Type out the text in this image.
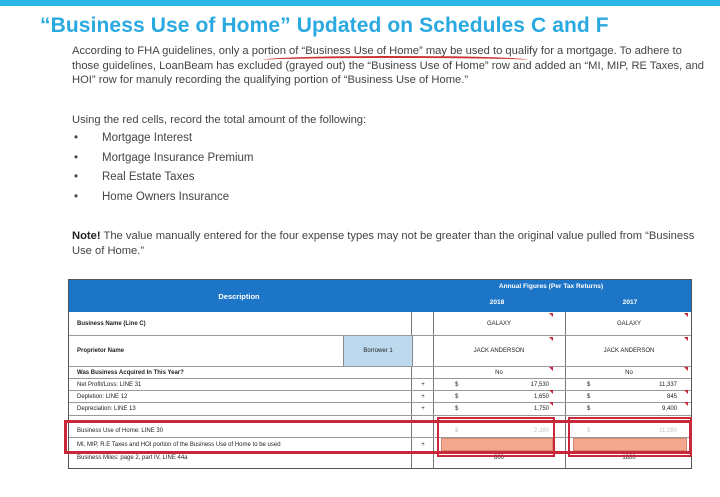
“Business Use of Home” Updated on Schedules C and F
According to FHA guidelines, only a portion of “Business Use of Home” may be used to qualify for a mortgage. To adhere to those guidelines, LoanBeam has excluded (grayed out) the “Business Use of Home” row and added an “MI, MIP, RE Taxes, and HOI” row for manuly recording the qualifying portion of “Business Use of Home.”
Using the red cells, record the total amount of the following:
• Mortgage Interest
• Mortgage Insurance Premium
• Real Estate Taxes
• Home Owners Insurance
Note! The value manually entered for the four expense types may not be greater than the original value pulled from “Business Use of Home.”
Description
Annual Figures (Per Tax Returns)
2018	2017
Business Name (Line C)	GALAXY	GALAXY
Proprietor Name	Borrower 1	JACK ANDERSON	JACK ANDERSON
Was Business Acquired In This Year?	No	No
Net Profit/Loss: LINE 31	+	$	17,530	$	11,337
Depletion: LINE 12	+	$	1,650	$	845
Depreciation: LINE 13	+	$	1,750	$	9,400
Business Use of Home: LINE 30	$	2,380	$	11,280
MI, MIP, R.E Taxes and HOI portion of the Business Use of Home to be used	+
Business Miles: page 2, part IV, LINE 44a	800	1800
